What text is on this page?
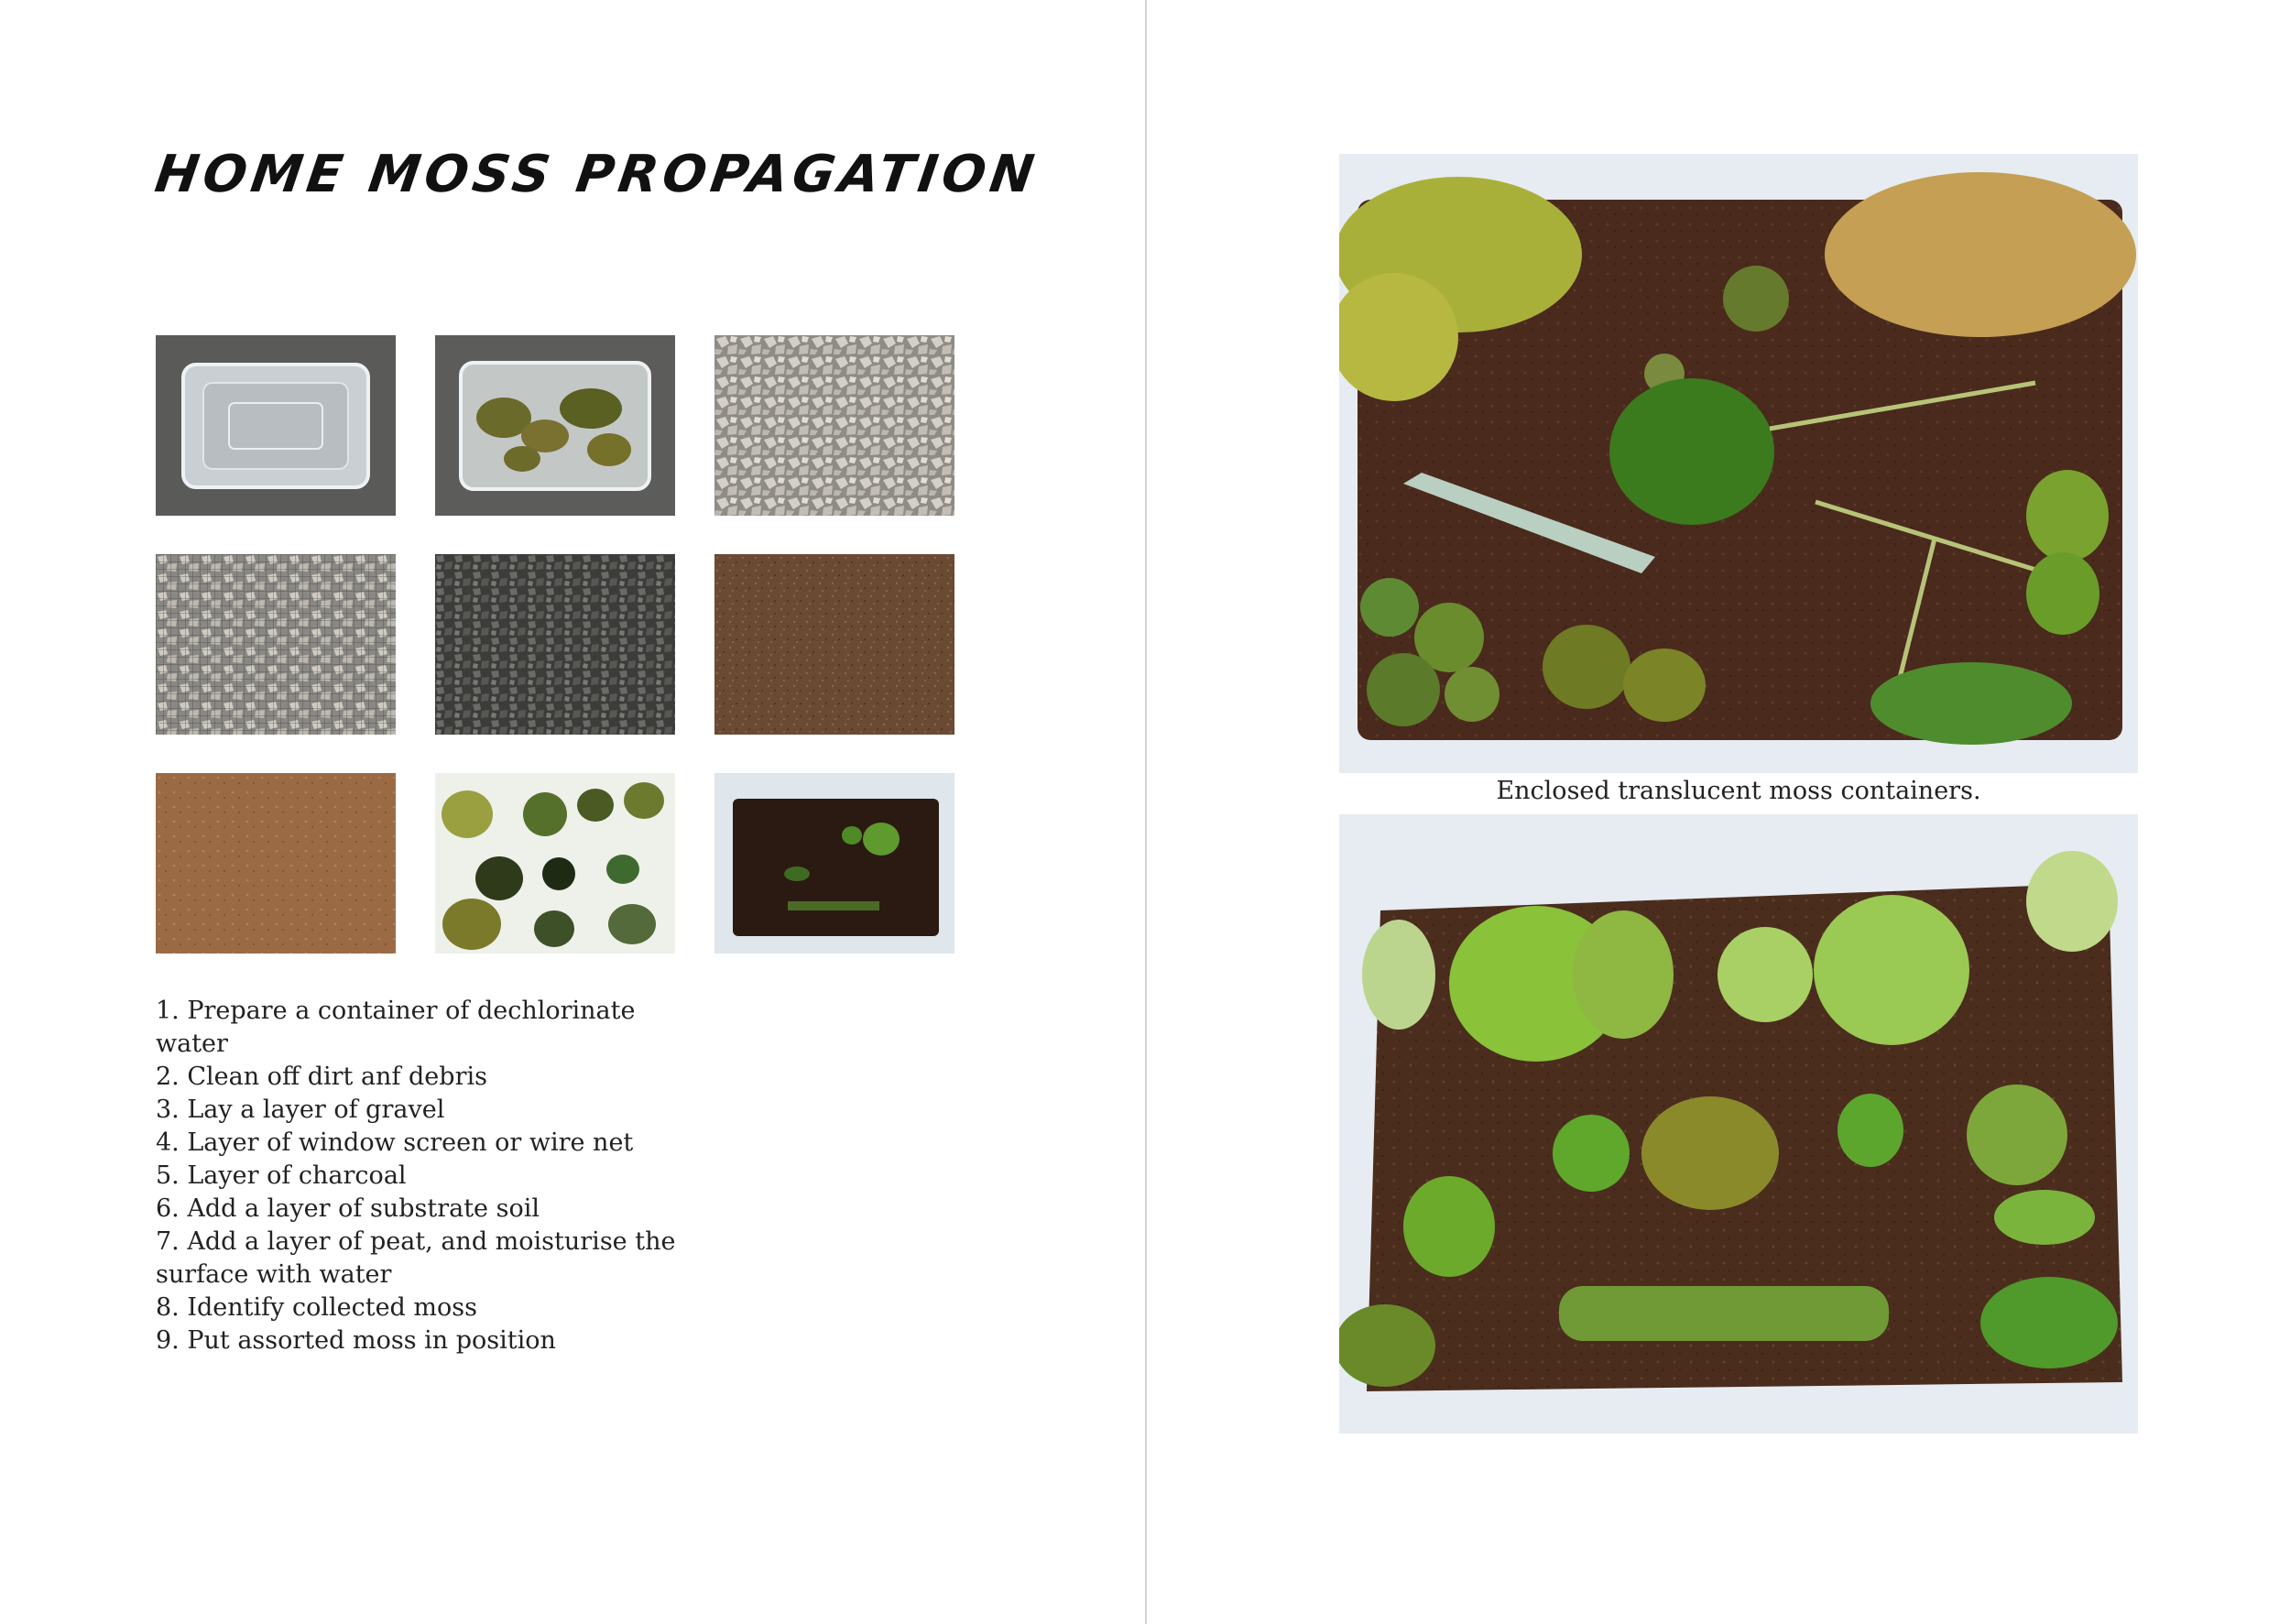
HOME MOSS PROPAGATION
1. Prepare a container of dechlorinate water
2. Clean off dirt anf debris
3. Lay a layer of gravel
4. Layer of window screen or wire net
5. Layer of charcoal
6. Add a layer of substrate soil
7. Add a layer of peat, and moisturise the surface with water
8. Identify collected moss
9. Put assorted moss in position

Enclosed translucent moss containers.
